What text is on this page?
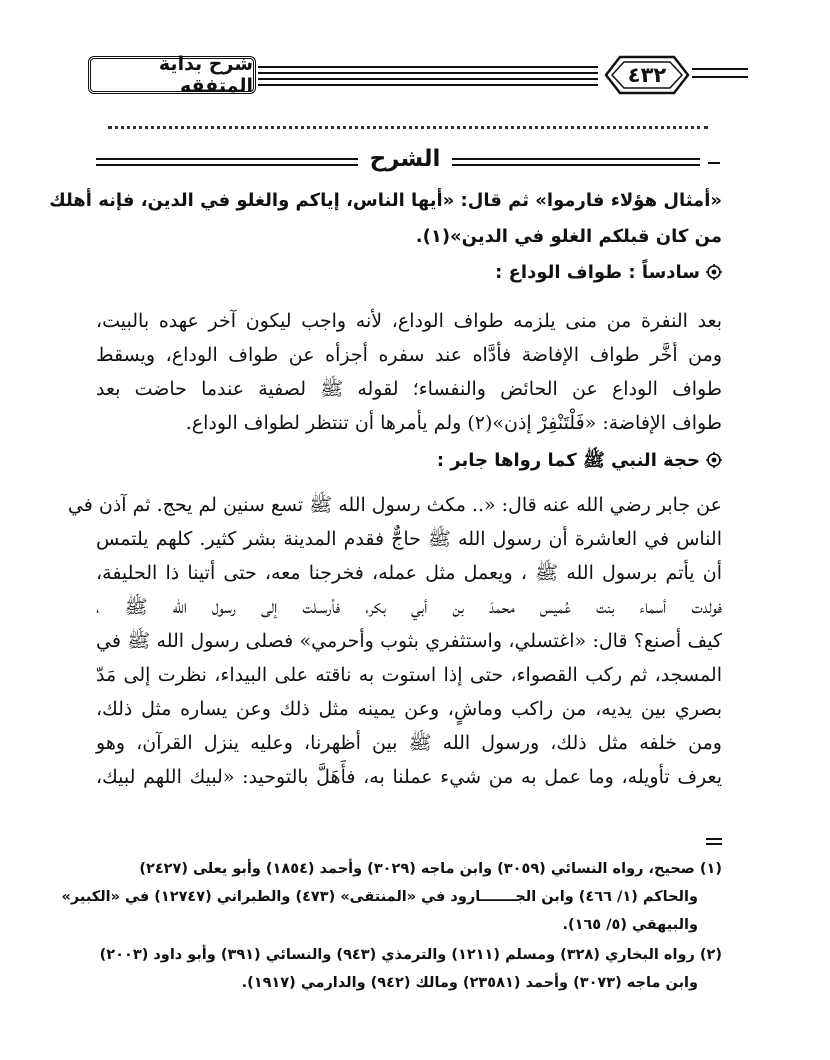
شرح بداية المتفقه	٤٣٢
الشرح
«أمثال هؤلاء فارموا» ثم قال: «أيها الناس، إياكم والغلو في الدين، فإنه أهلك
من كان قبلكم الغلو في الدين»(١).
سادساً : طواف الوداع :
بعد النفرة من منى يلزمه طواف الوداع، لأنه واجب ليكون آخر عهده بالبيت،
ومن أخَّر طواف الإفاضة فأدَّاه عند سفره أجزأه عن طواف الوداع، ويسقط
طواف الوداع عن الحائض والنفساء؛ لقوله ﷺ لصفية عندما حاضت بعد
طواف الإفاضة: «فَلْتَنْفِرْ إذن»(٢) ولم يأمرها أن تنتظر لطواف الوداع.
حجة النبي ﷺ كما رواها جابر :
عن جابر رضي الله عنه قال: «.. مكث رسول الله ﷺ تسع سنين لم يحج. ثم آذن في
الناس في العاشرة أن رسول الله ﷺ حاجٌّ فقدم المدينة بشر كثير. كلهم يلتمس
أن يأتم برسول الله ﷺ ، ويعمل مثل عمله، فخرجنا معه، حتى أتينا ذا الحليفة،
فولدت أسماء بنت عُميس محمدَ بن أبي بكر، فأرسـلت إلى رسول الله ﷺ ،
كيف أصنع؟ قال: «اغتسلي، واستثفري بثوب وأحرمي» فصلى رسول الله ﷺ في
المسجد، ثم ركب القصواء، حتى إذا استوت به ناقته على البيداء، نظرت إلى مَدّ
بصري بين يديه، من راكب وماشٍ، وعن يمينه مثل ذلك وعن يساره مثل ذلك،
ومن خلفه مثل ذلك، ورسول الله ﷺ بين أظهرنا، وعليه ينزل القرآن، وهو
يعرف تأويله، وما عمل به من شيء عملنا به، فأَهَلَّ بالتوحيد: «لبيك اللهم لبيك،
(١) صحيح، رواه النسائي (٣٠٥٩) وابن ماجه (٣٠٢٩) وأحمد (١٨٥٤) وأبو يعلى (٢٤٢٧)
والحاكم (١/ ٤٦٦) وابن الجـــــــارود في «المنتقى» (٤٧٣) والطبراني (١٢٧٤٧) في «الكبير»
والبيهقي (٥/ ١٦٥).
(٢) رواه البخاري (٣٢٨) ومسلم (١٢١١) والترمذي (٩٤٣) والنسائي (٣٩١) وأبو داود (٢٠٠٣)
وابن ماجه (٣٠٧٣) وأحمد (٢٣٥٨١) ومالك (٩٤٢) والدارمي (١٩١٧).
